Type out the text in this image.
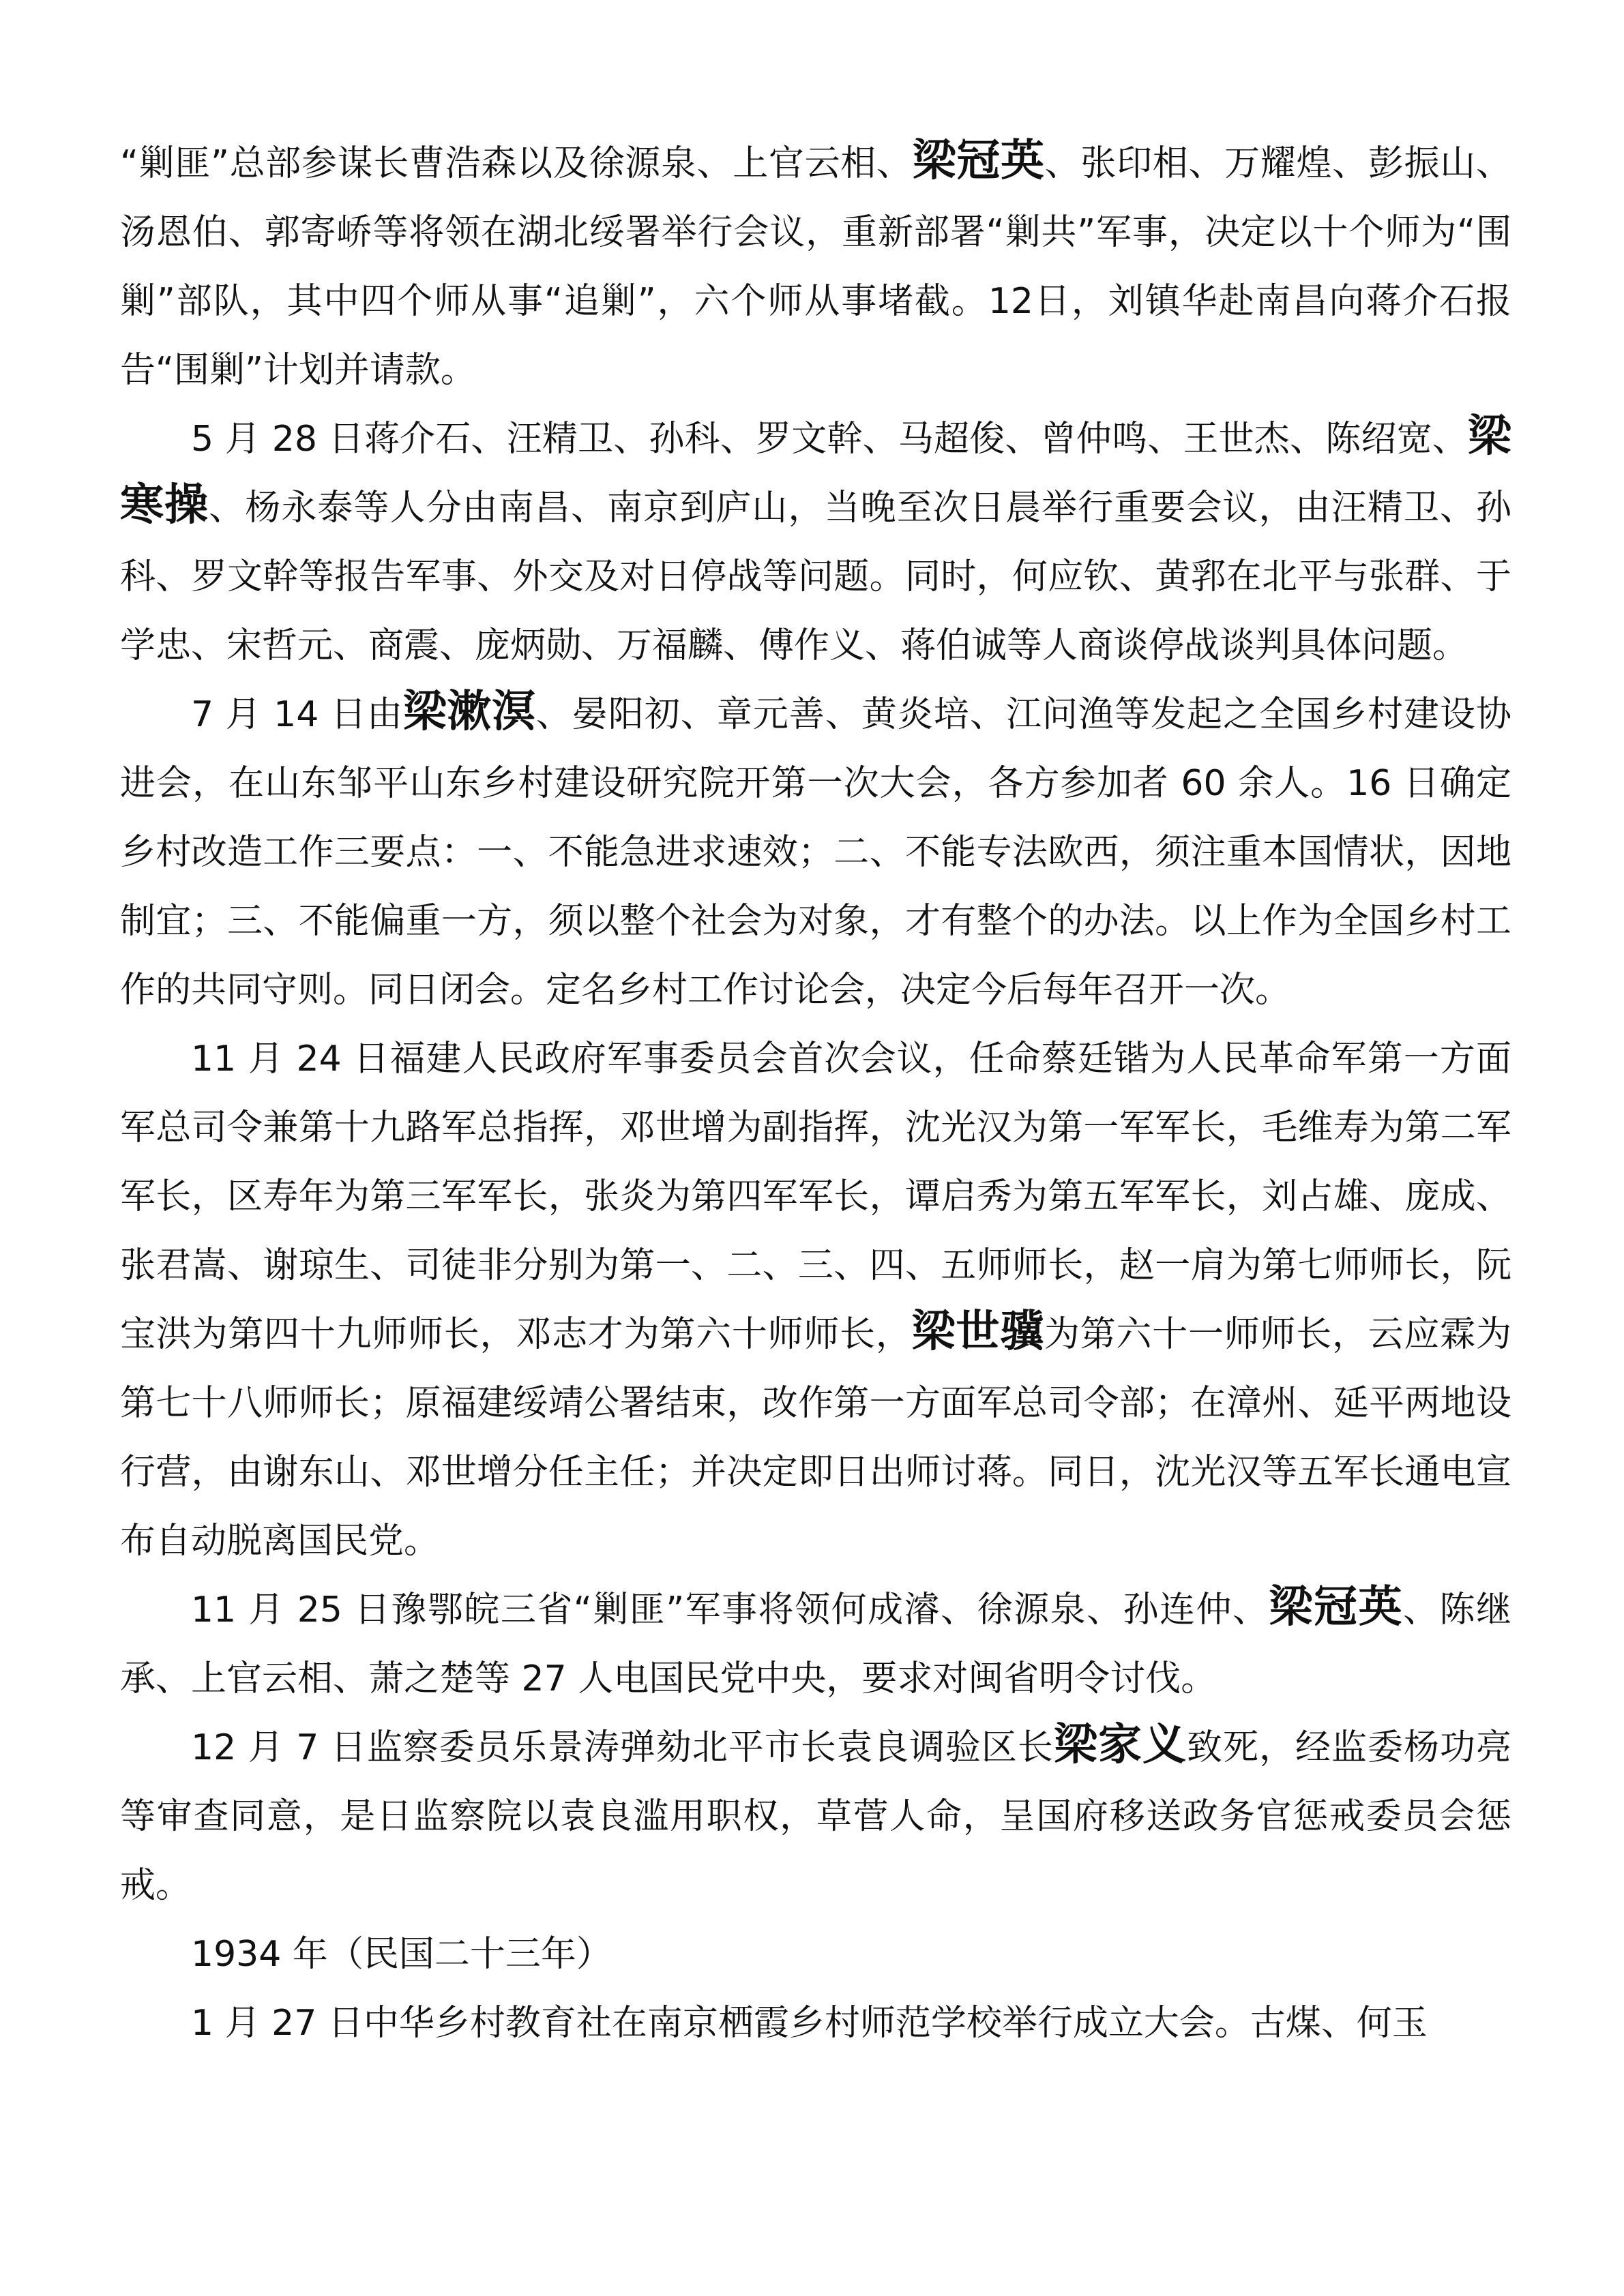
“剿匪”总部参谋长曹浩森以及徐源泉、上官云相、梁冠英、张印相、万耀煌、彭振山、汤恩伯、郭寄峤等将领在湖北绥署举行会议，重新部署“剿共”军事，决定以十个师为“围剿”部队，其中四个师从事“追剿”，六个师从事堵截。12日，刘镇华赴南昌向蒋介石报告“围剿”计划并请款。

5 月 28 日蒋介石、汪精卫、孙科、罗文幹、马超俊、曾仲鸣、王世杰、陈绍宽、梁寒操、杨永泰等人分由南昌、南京到庐山，当晚至次日晨举行重要会议，由汪精卫、孙科、罗文幹等报告军事、外交及对日停战等问题。同时，何应钦、黄郛在北平与张群、于学忠、宋哲元、商震、庞炳勋、万福麟、傅作义、蒋伯诚等人商谈停战谈判具体问题。

7 月 14 日由梁漱溟、晏阳初、章元善、黄炎培、江问渔等发起之全国乡村建设协进会，在山东邹平山东乡村建设研究院开第一次大会，各方参加者 60 余人。16 日确定乡村改造工作三要点：一、不能急进求速效；二、不能专法欧西，须注重本国情状，因地制宜；三、不能偏重一方，须以整个社会为对象，才有整个的办法。以上作为全国乡村工作的共同守则。同日闭会。定名乡村工作讨论会，决定今后每年召开一次。

11 月 24 日福建人民政府军事委员会首次会议，任命蔡廷锴为人民革命军第一方面军总司令兼第十九路军总指挥，邓世增为副指挥，沈光汉为第一军军长，毛维寿为第二军军长，区寿年为第三军军长，张炎为第四军军长，谭启秀为第五军军长，刘占雄、庞成、张君嵩、谢琼生、司徒非分别为第一、二、三、四、五师师长，赵一肩为第七师师长，阮宝洪为第四十九师师长，邓志才为第六十师师长，梁世骥为第六十一师师长，云应霖为第七十八师师长；原福建绥靖公署结束，改作第一方面军总司令部；在漳州、延平两地设行营，由谢东山、邓世增分任主任；并决定即日出师讨蒋。同日，沈光汉等五军长通电宣布自动脱离国民党。

11 月 25 日豫鄂皖三省“剿匪”军事将领何成濬、徐源泉、孙连仲、梁冠英、陈继承、上官云相、萧之楚等 27 人电国民党中央，要求对闽省明令讨伐。

12 月 7 日监察委员乐景涛弹劾北平市长袁良调验区长梁家义致死，经监委杨功亮等审查同意，是日监察院以袁良滥用职权，草菅人命，呈国府移送政务官惩戒委员会惩戒。

1934 年（民国二十三年）

1 月 27 日中华乡村教育社在南京栖霞乡村师范学校举行成立大会。古煤、何玉
